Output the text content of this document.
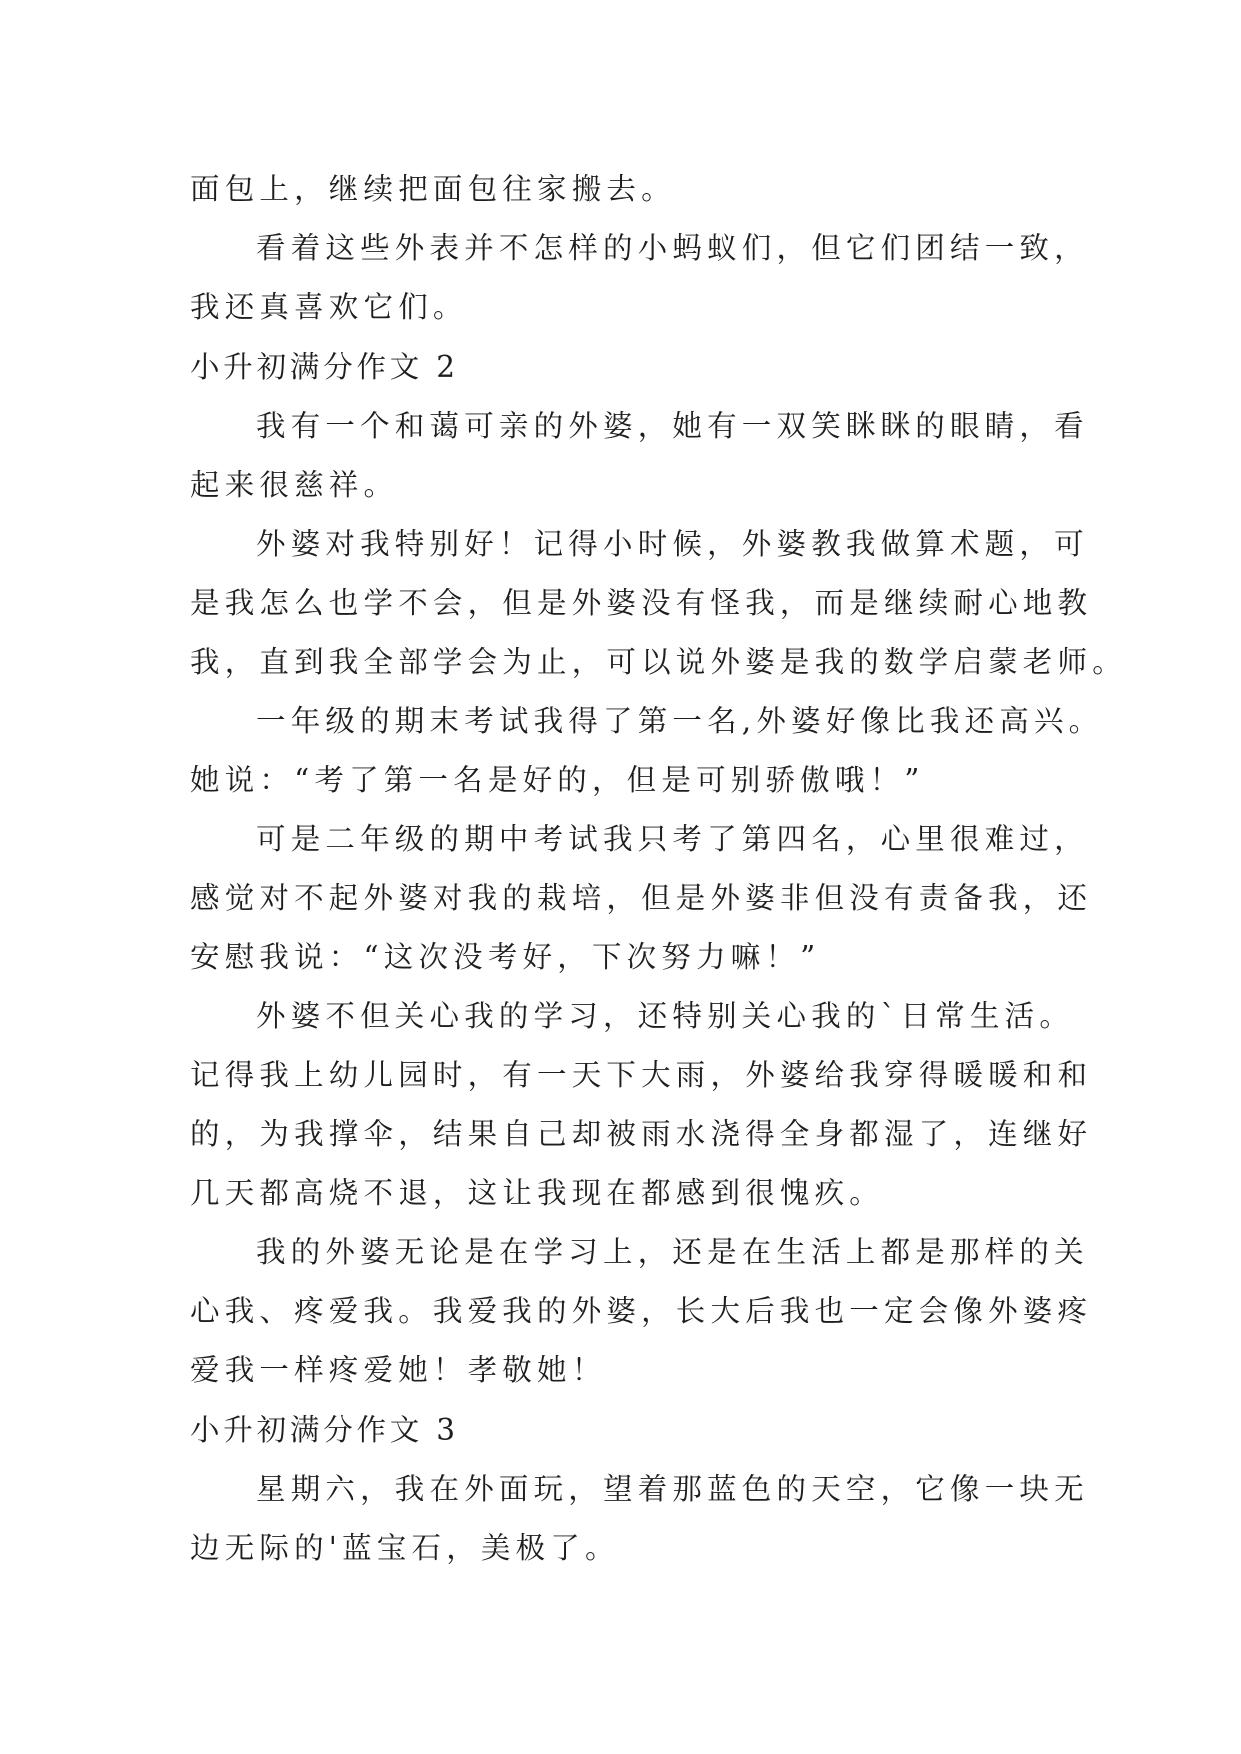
面包上，继续把面包往家搬去。

看着这些外表并不怎样的小蚂蚁们，但它们团结一致，

我还真喜欢它们。

小升初满分作文 2

我有一个和蔼可亲的外婆，她有一双笑眯眯的眼睛，看

起来很慈祥。

外婆对我特别好！记得小时候，外婆教我做算术题，可

是我怎么也学不会，但是外婆没有怪我，而是继续耐心地教

我，直到我全部学会为止，可以说外婆是我的数学启蒙老师。

一年级的期末考试我得了第一名,外婆好像比我还高兴。

她说：“考了第一名是好的，但是可别骄傲哦！”

可是二年级的期中考试我只考了第四名，心里很难过，

感觉对不起外婆对我的栽培，但是外婆非但没有责备我，还

安慰我说：“这次没考好，下次努力嘛！”

外婆不但关心我的学习，还特别关心我的`日常生活。

记得我上幼儿园时，有一天下大雨，外婆给我穿得暖暖和和

的，为我撑伞，结果自己却被雨水浇得全身都湿了，连继好

几天都高烧不退，这让我现在都感到很愧疚。

我的外婆无论是在学习上，还是在生活上都是那样的关

心我、疼爱我。我爱我的外婆，长大后我也一定会像外婆疼

爱我一样疼爱她！孝敬她！

小升初满分作文 3

星期六，我在外面玩，望着那蓝色的天空，它像一块无

边无际的'蓝宝石，美极了。
